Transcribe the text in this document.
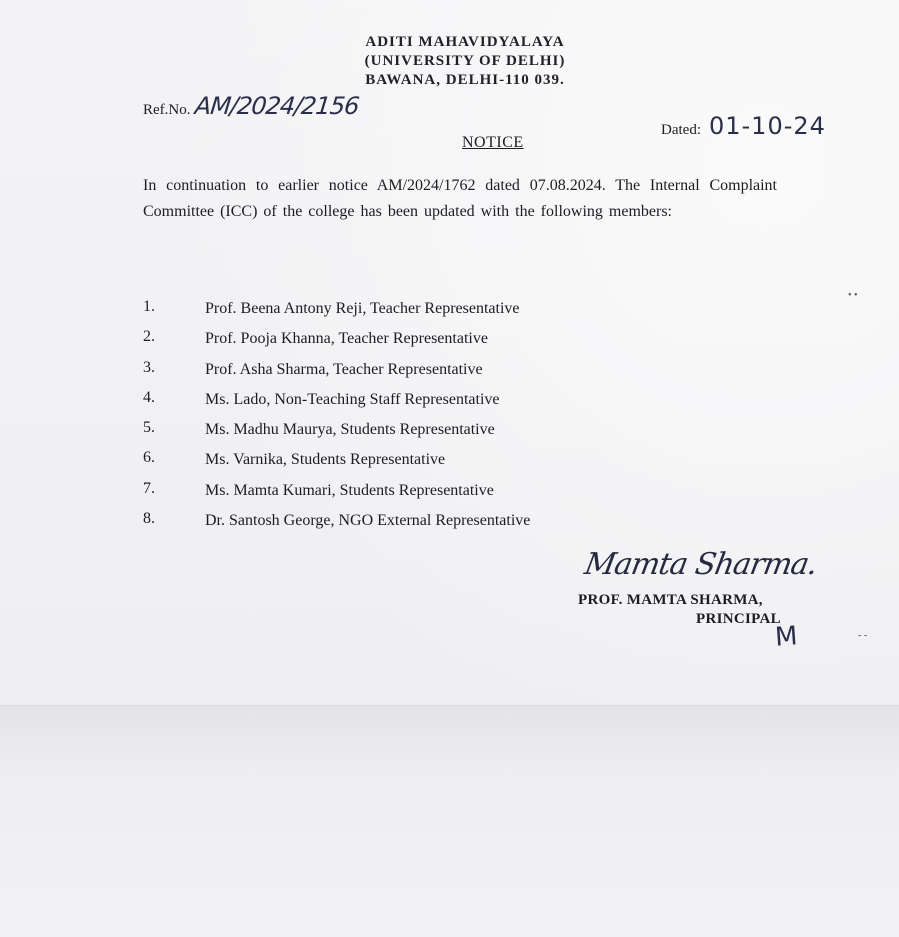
ADITI MAHAVIDYALAYA
(UNIVERSITY OF DELHI)
BAWANA, DELHI-110 039.
Ref.No. AM/2024/2156
Dated: 01-10-24
NOTICE
In continuation to earlier notice AM/2024/1762 dated 07.08.2024. The Internal Complaint Committee (ICC) of the college has been updated with the following members:
1.	Prof. Beena Antony Reji, Teacher Representative
2.	Prof. Pooja Khanna, Teacher Representative
3.	Prof. Asha Sharma, Teacher Representative
4.	Ms. Lado, Non-Teaching Staff Representative
5.	Ms. Madhu Maurya, Students Representative
6.	Ms. Varnika, Students Representative
7.	Ms. Mamta Kumari, Students Representative
8.	Dr. Santosh George, NGO External Representative
Mamta Sharma.
PROF. MAMTA SHARMA,
PRINCIPAL
M
• •
- -
